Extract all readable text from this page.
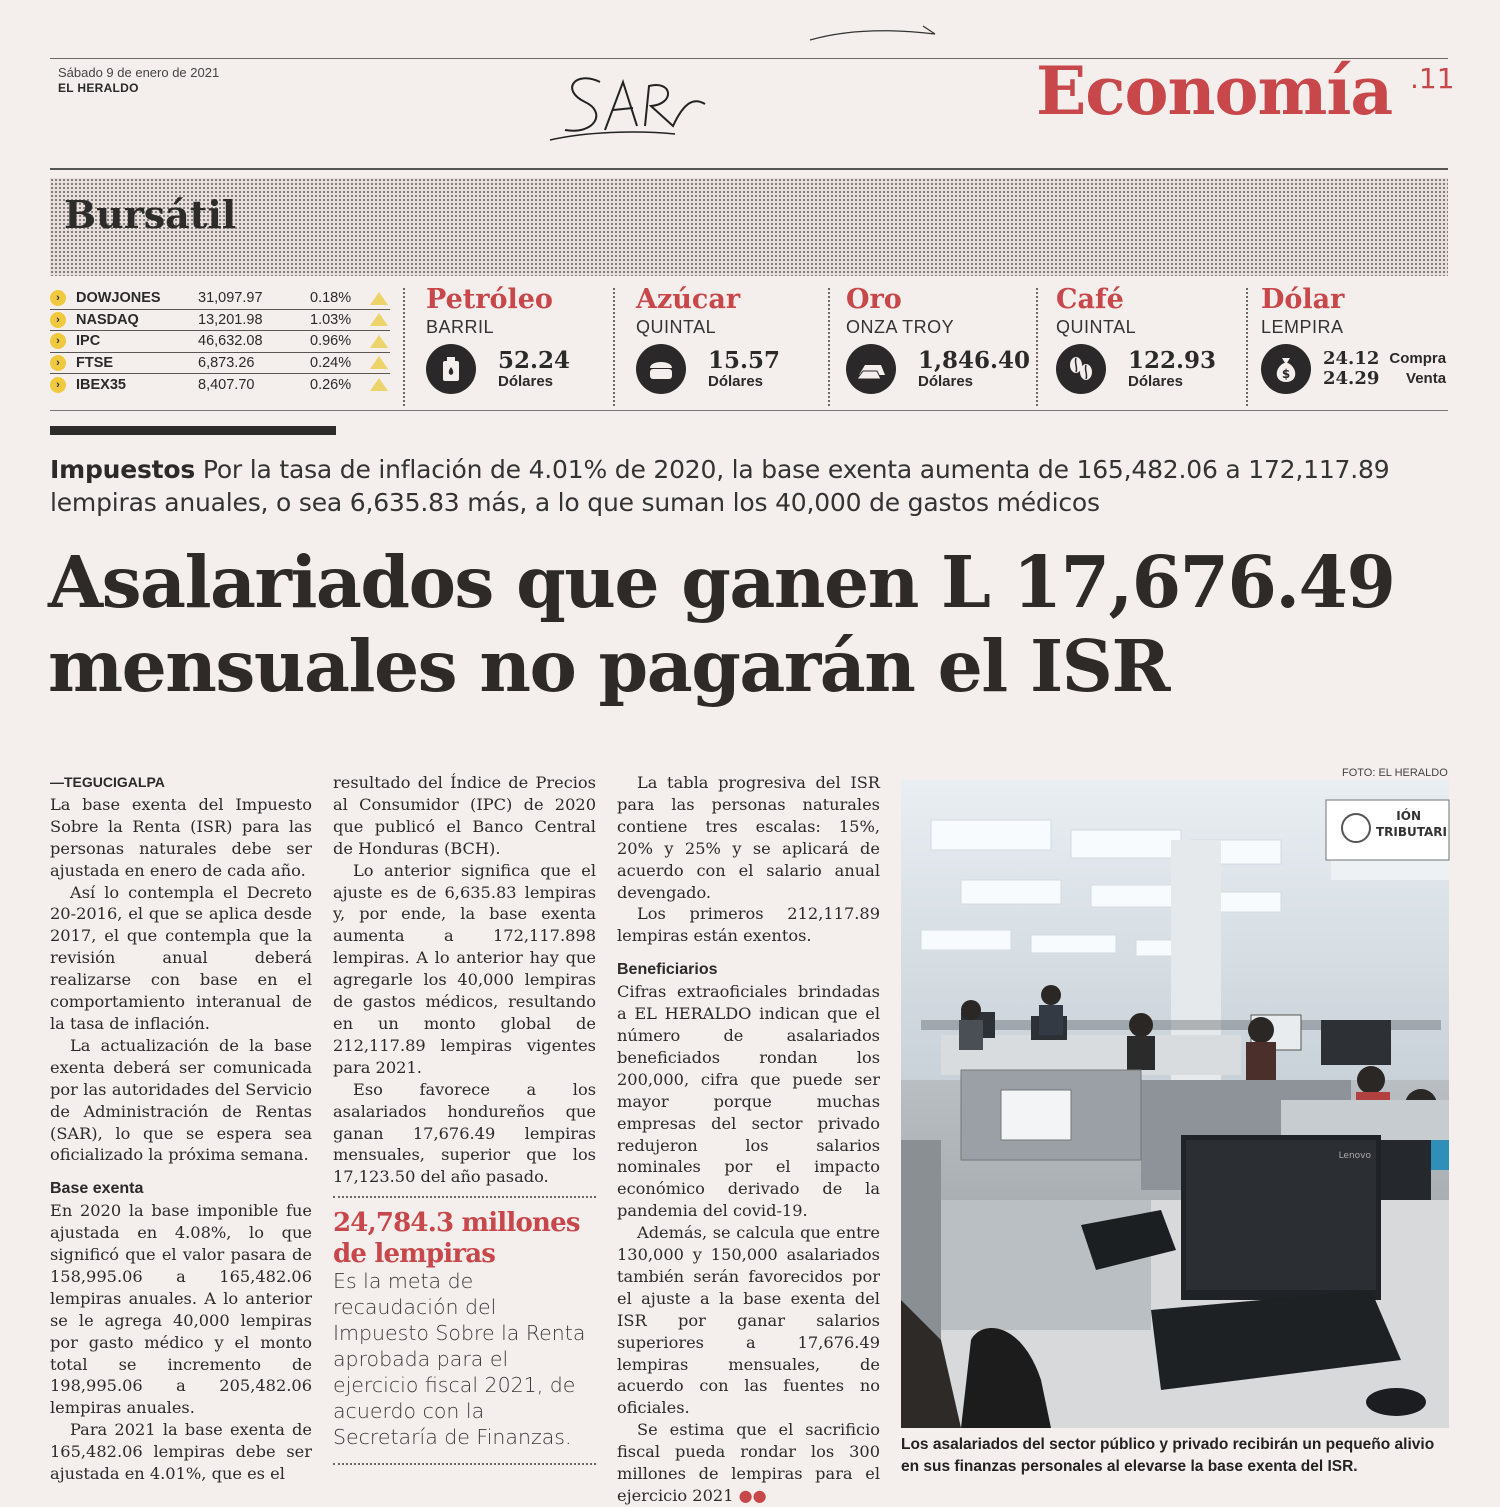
Sábado 9 de enero de 2021
EL HERALDO	Economía .11
Bursátil
›	DOWJONES	31,097.97	0.18%
›	NASDAQ	13,201.98	1.03%
›	IPC	46,632.08	0.96%
›	FTSE	6,873.26	0.24%
›	IBEX35	8,407.70	0.26%
Petróleo
BARRIL
52.24
Dólares
Azúcar
QUINTAL
15.57
Dólares
Oro
ONZA TROY
1,846.40
Dólares
Café
QUINTAL
122.93
Dólares
Dólar
LEMPIRA
$
24.12
24.29
Compra
Venta
Impuestos Por la tasa de inflación de 4.01% de 2020, la base exenta aumenta de 165,482.06 a 172,117.89 lempiras anuales, o sea 6,635.83 más, a lo que suman los 40,000 de gastos médicos
Asalariados que ganen L 17,676.49
mensuales no pagarán el ISR
—TEGUCIGALPA

La base exenta del Impuesto Sobre la Renta (ISR) para las personas naturales debe ser ajustada en enero de cada año.

Así lo contempla el Decreto 20-2016, el que se aplica desde 2017, el que contempla que la revisión anual deberá realizarse con base en el comportamiento interanual de la tasa de inflación.

La actualización de la base exenta deberá ser comunicada por las autoridades del Servicio de Administración de Rentas (SAR), lo que se espera sea oficializado la próxima semana.

Base exenta

En 2020 la base imponible fue ajustada en 4.08%, lo que significó que el valor pasara de 158,995.06 a 165,482.06 lempiras anuales. A lo anterior se le agrega 40,000 lempiras por gasto médico y el monto total se incremento de 198,995.06 a 205,482.06 lempiras anuales.

Para 2021 la base exenta de 165,482.06 lempiras debe ser ajustada en 4.01%, que es el

resultado del Índice de Precios al Consumidor (IPC) de 2020 que publicó el Banco Central de Honduras (BCH).

Lo anterior significa que el ajuste es de 6,635.83 lempiras y, por ende, la base exenta aumenta a 172,117.898 lempiras. A lo anterior hay que agregarle los 40,000 lempiras de gastos médicos, resultando en un monto global de 212,117.89 lempiras vigentes para 2021.

Eso favorece a los asalariados hondureños que ganan 17,676.49 lempiras mensuales, superior que los 17,123.50 del año pasado.

24,784.3 millones de lempiras
Es la meta de recaudación del Impuesto Sobre la Renta aprobada para el ejercicio fiscal 2021, de acuerdo con la Secretaría de Finanzas.

La tabla progresiva del ISR para las personas naturales contiene tres escalas: 15%, 20% y 25% y se aplicará de acuerdo con el salario anual devengado.

Los primeros 212,117.89 lempiras están exentos.

Beneficiarios

Cifras extraoficiales brindadas a EL HERALDO indican que el número de asalariados beneficiados rondan los 200,000, cifra que puede ser mayor porque muchas empresas del sector privado redujeron los salarios nominales por el impacto económico derivado de la pandemia del covid-19.

Además, se calcula que entre 130,000 y 150,000 asalariados también serán favorecidos por el ajuste a la base exenta del ISR por ganar salarios superiores a 17,676.49 lempiras mensuales, de acuerdo con las fuentes no oficiales.

Se estima que el sacrificio fiscal pueda rondar los 300 millones de lempiras para el ejercicio 2021 ●●

FOTO: EL HERALDO
IÓN
TRIBUTARI
Lenovo
Los asalariados del sector público y privado recibirán un pequeño alivio en sus finanzas personales al elevarse la base exenta del ISR.
